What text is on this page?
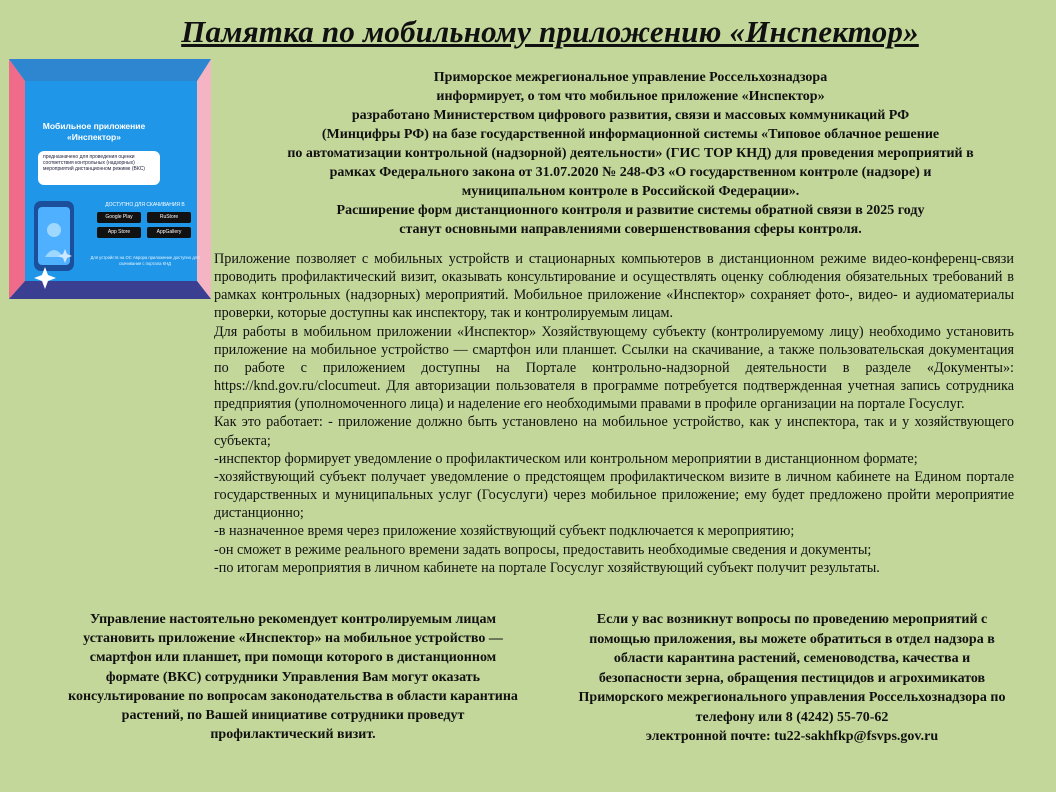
Памятка по мобильному приложению «Инспектор»
Мобильное приложение «Инспектор»
предназначено для проведения оценки соответствия контрольных (надзорных) мероприятий дистанционном режиме (ВКС)
ДОСТУПНО ДЛЯ СКАЧИВАНИЯ В
Google Play	RuStore
App Store	AppGallery
Для устройств на ОС Аврора приложение доступно для скачивания с портала КНД
Приморское межрегиональное управление Россельхознадзора
информирует, о том что мобильное приложение «Инспектор»
разработано Министерством цифрового развития, связи и массовых коммуникаций РФ
(Минцифры РФ) на базе государственной информационной системы «Типовое облачное решение
по автоматизации контрольной (надзорной) деятельности» (ГИС ТОР КНД) для проведения мероприятий в
рамках Федерального закона от 31.07.2020 № 248-ФЗ «О государственном контроле (надзоре) и
муниципальном контроле в Российской Федерации».
Расширение форм дистанционного контроля и развитие системы обратной связи в 2025 году
станут основными направлениями совершенствования сферы контроля.

Приложение позволяет с мобильных устройств и стационарных компьютеров в дистанционном режиме видео-конференц-связи проводить профилактический визит, оказывать консультирование и осуществлять оценку соблюдения обязательных требований в рамках контрольных (надзорных) мероприятий. Мобильное приложение «Инспектор» сохраняет фото-, видео- и аудиоматериалы проверки, которые доступны как инспектору, так и контролируемым лицам.

Для работы в мобильном приложении «Инспектор» Хозяйствующему субъекту (контролируемому лицу) необходимо установить приложение на мобильное устройство — смартфон или планшет. Ссылки на скачивание, а также пользовательская документация по работе с приложением доступны на Портале контрольно-надзорной деятельности в разделе «Документы»: https://knd.gov.ru/clocumeut. Для авторизации пользователя в программе потребуется подтвержденная учетная запись сотрудника предприятия (уполномоченного лица) и наделение его необходимыми правами в профиле организации на портале Госуслуг.

Как это работает: - приложение должно быть установлено на мобильное устройство, как у инспектора, так и у хозяйствующего субъекта;

-инспектор формирует уведомление о профилактическом или контрольном мероприятии в дистанционном формате;

-хозяйствующий субъект получает уведомление о предстоящем профилактическом визите в личном кабинете на Едином портале государственных и муниципальных услуг (Госуслуги) через мобильное приложение; ему будет предложено пройти мероприятие дистанционно;

-в назначенное время через приложение хозяйствующий субъект подключается к мероприятию;

-он сможет в режиме реального времени задать вопросы, предоставить необходимые сведения и документы;

-по итогам мероприятия в личном кабинете на портале Госуслуг хозяйствующий субъект получит результаты.

Управление настоятельно рекомендует контролируемым лицам
установить приложение «Инспектор» на мобильное устройство —
смартфон или планшет, при помощи которого в дистанционном
формате (ВКС) сотрудники Управления Вам могут оказать
консультирование по вопросам законодательства в области карантина
растений, по Вашей инициативе сотрудники проведут
профилактический визит.
Если у вас возникнут вопросы по проведению мероприятий с
помощью приложения, вы можете обратиться в отдел надзора в
области карантина растений, семеноводства, качества и
безопасности зерна, обращения пестицидов и агрохимикатов
Приморского межрегионального управления Россельхознадзора по
телефону или 8 (4242) 55-70-62
электронной почте: tu22-sakhfkp@fsvps.gov.ru
